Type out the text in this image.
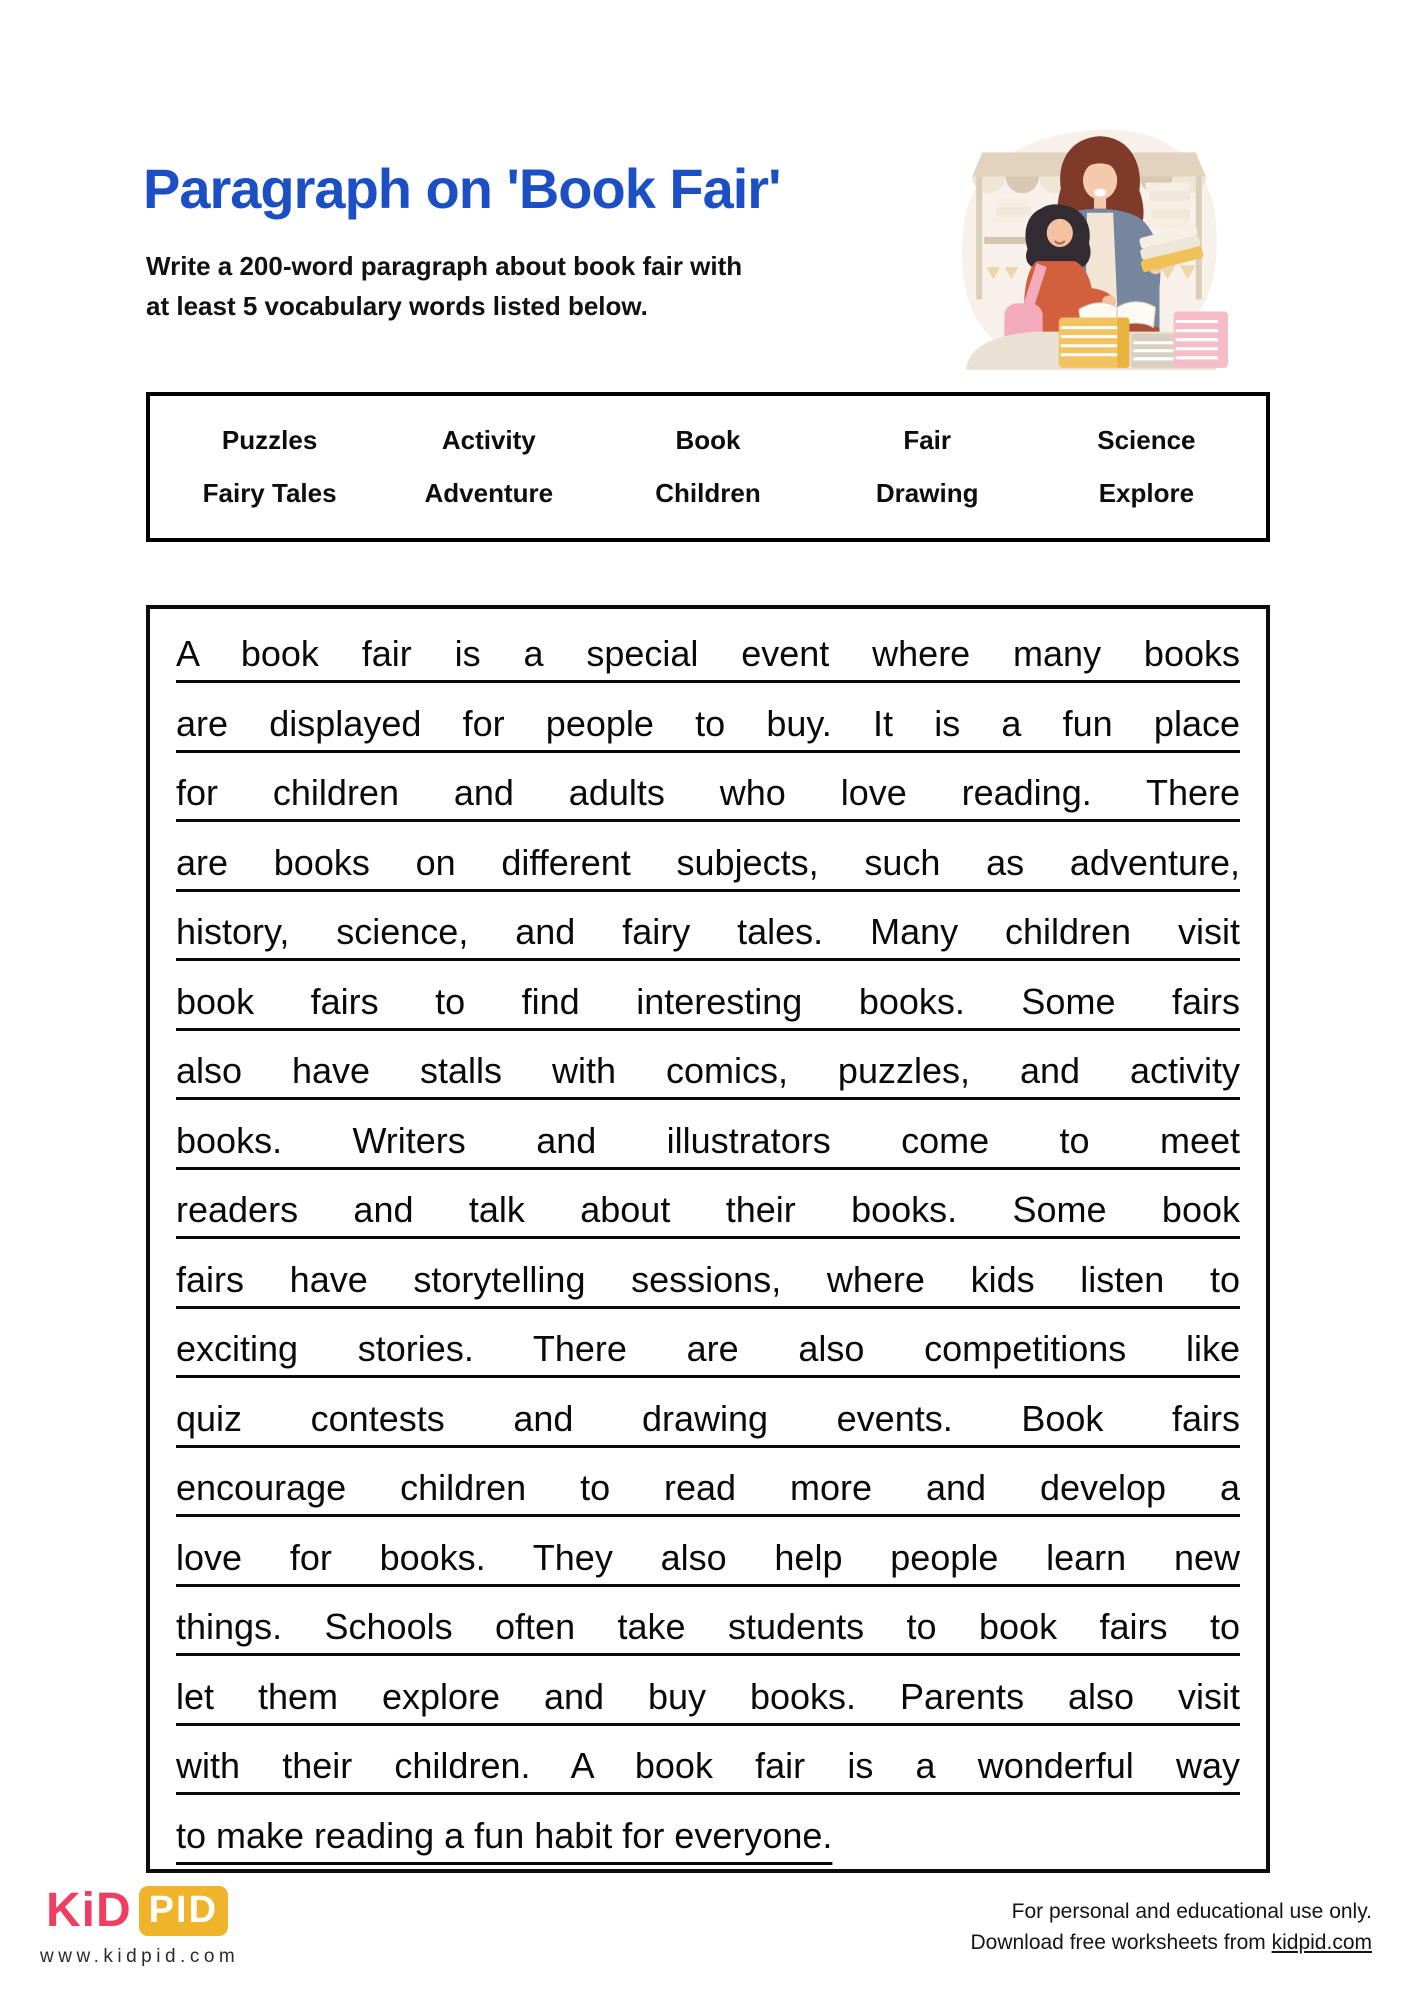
Paragraph on 'Book Fair'
Write a 200-word paragraph about book fair with
at least 5 vocabulary words listed below.
Puzzles	Activity	Book	Fair	Science
Fairy Tales	Adventure	Children	Drawing	Explore
A book fair is a special event where many books
are displayed for people to buy. It is a fun place
for children and adults who love reading. There
are books on different subjects, such as adventure,
history, science, and fairy tales. Many children visit
book fairs to find interesting books. Some fairs
also have stalls with comics, puzzles, and activity
books. Writers and illustrators come to meet
readers and talk about their books. Some book
fairs have storytelling sessions, where kids listen to
exciting stories. There are also competitions like
quiz contests and drawing events. Book fairs
encourage children to read more and develop a
love for books. They also help people learn new
things. Schools often take students to book fairs to
let them explore and buy books. Parents also visit
with their children. A book fair is a wonderful way
to make reading a fun habit for everyone.
KiD PID
www.kidpid.com
For personal and educational use only.
Download free worksheets from kidpid.com
